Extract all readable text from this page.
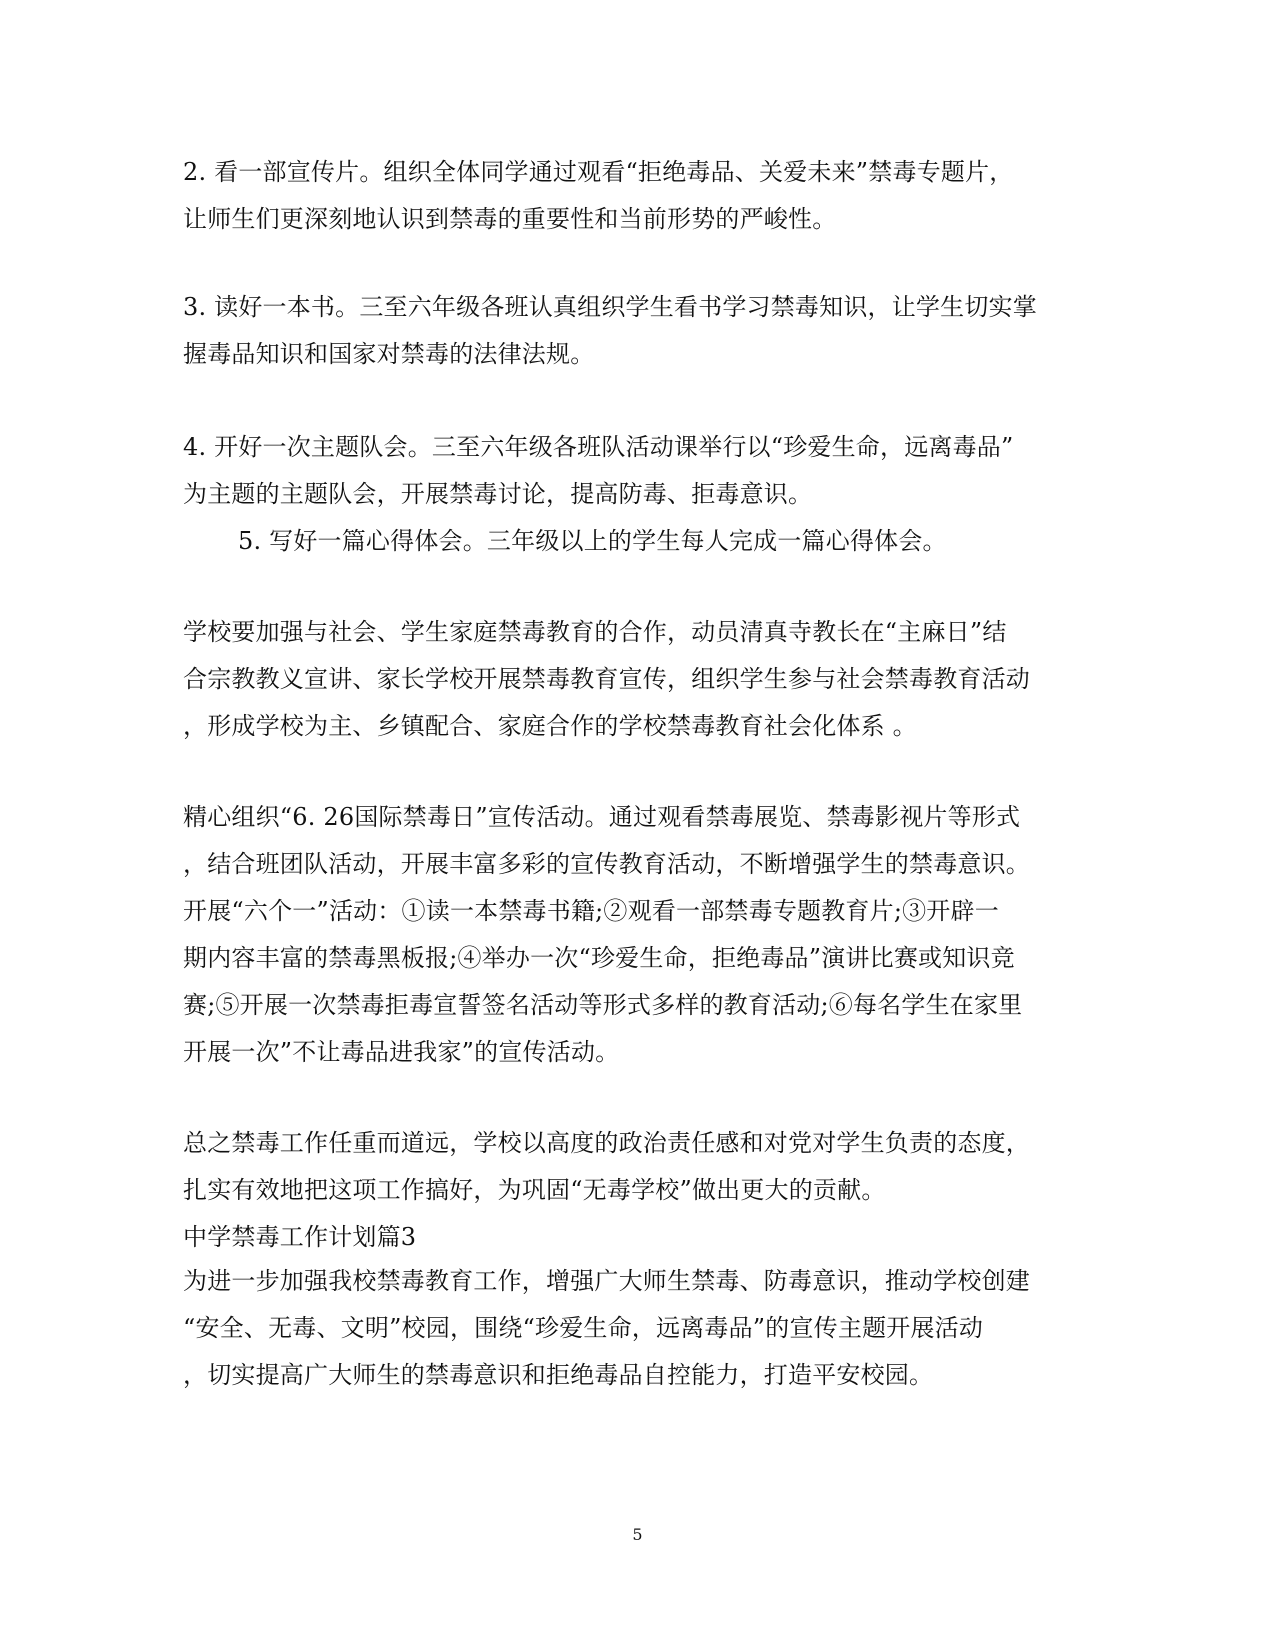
2. 看一部宣传片。组织全体同学通过观看“拒绝毒品、关爱未来”禁毒专题片，
让师生们更深刻地认识到禁毒的重要性和当前形势的严峻性。
3. 读好一本书。三至六年级各班认真组织学生看书学习禁毒知识，让学生切实掌
握毒品知识和国家对禁毒的法律法规。
4. 开好一次主题队会。三至六年级各班队活动课举行以“珍爱生命，远离毒品”
为主题的主题队会，开展禁毒讨论，提高防毒、拒毒意识。
5. 写好一篇心得体会。三年级以上的学生每人完成一篇心得体会。
学校要加强与社会、学生家庭禁毒教育的合作，动员清真寺教长在“主麻日”结
合宗教教义宣讲、家长学校开展禁毒教育宣传，组织学生参与社会禁毒教育活动
，形成学校为主、乡镇配合、家庭合作的学校禁毒教育社会化体系 。
精心组织“6. 26国际禁毒日”宣传活动。通过观看禁毒展览、禁毒影视片等形式
，结合班团队活动，开展丰富多彩的宣传教育活动，不断增强学生的禁毒意识。
开展“六个一”活动：①读一本禁毒书籍;②观看一部禁毒专题教育片;③开辟一
期内容丰富的禁毒黑板报;④举办一次“珍爱生命，拒绝毒品”演讲比赛或知识竞
赛;⑤开展一次禁毒拒毒宣誓签名活动等形式多样的教育活动;⑥每名学生在家里
开展一次”不让毒品进我家”的宣传活动。
总之禁毒工作任重而道远，学校以高度的政治责任感和对党对学生负责的态度，
扎实有效地把这项工作搞好，为巩固“无毒学校”做出更大的贡献。
中学禁毒工作计划篇3
为进一步加强我校禁毒教育工作，增强广大师生禁毒、防毒意识，推动学校创建
“安全、无毒、文明”校园，围绕“珍爱生命，远离毒品”的宣传主题开展活动
，切实提高广大师生的禁毒意识和拒绝毒品自控能力，打造平安校园。
5
